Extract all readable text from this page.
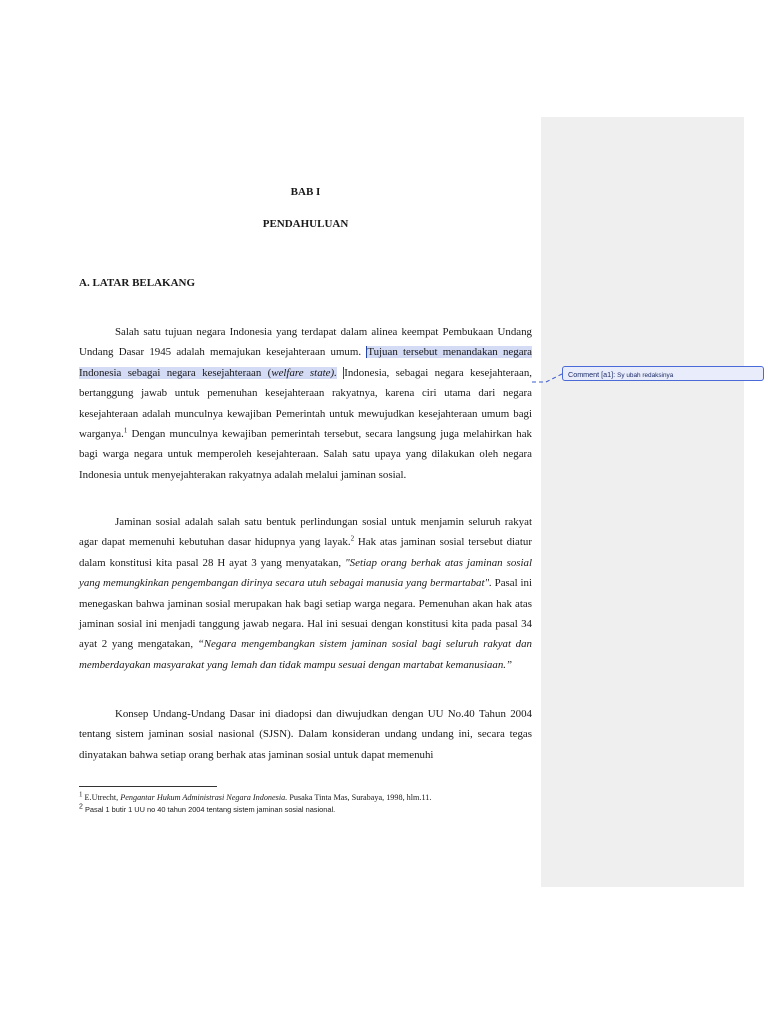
BAB I
PENDAHULUAN
A. LATAR BELAKANG

Salah satu tujuan negara Indonesia yang terdapat dalam alinea keempat Pembukaan Undang Undang Dasar 1945 adalah memajukan kesejahteraan umum. Tujuan tersebut menandakan negara Indonesia sebagai negara kesejahteraan (welfare state). Indonesia, sebagai negara kesejahteraan, bertanggung jawab untuk pemenuhan kesejahteraan rakyatnya, karena ciri utama dari negara kesejahteraan adalah munculnya kewajiban Pemerintah untuk mewujudkan kesejahteraan umum bagi warganya.$^1$ Dengan munculnya kewajiban pemerintah tersebut, secara langsung juga melahirkan hak bagi warga negara untuk memperoleh kesejahteraan. Salah satu upaya yang dilakukan oleh negara Indonesia untuk menyejahterakan rakyatnya adalah melalui jaminan sosial.

Jaminan sosial adalah salah satu bentuk perlindungan sosial untuk menjamin seluruh rakyat agar dapat memenuhi kebutuhan dasar hidupnya yang layak.$^2$ Hak atas jaminan sosial tersebut diatur dalam konstitusi kita pasal 28 H ayat 3 yang menyatakan, "Setiap orang berhak atas jaminan sosial yang memungkinkan pengembangan dirinya secara utuh sebagai manusia yang bermartabat". Pasal ini menegaskan bahwa jaminan sosial merupakan hak bagi setiap warga negara. Pemenuhan akan hak atas jaminan sosial ini menjadi tanggung jawab negara. Hal ini sesuai dengan konstitusi kita pada pasal 34 ayat 2 yang mengatakan, “Negara mengembangkan sistem jaminan sosial bagi seluruh rakyat dan memberdayakan masyarakat yang lemah dan tidak mampu sesuai dengan martabat kemanusiaan.”

Konsep Undang-Undang Dasar ini diadopsi dan diwujudkan dengan UU No.40 Tahun 2004 tentang sistem jaminan sosial nasional (SJSN). Dalam konsideran undang undang ini, secara tegas dinyatakan bahwa setiap orang berhak atas jaminan sosial untuk dapat memenuhi

Comment [a1]: Sy ubah redaksinya
$^1$ E.Utrecht, Pengantar Hukum Administrasi Negara Indonesia. Pusaka Tinta Mas, Surabaya, 1998, hlm.11.
$^2$ Pasal 1 butir 1 UU no 40 tahun 2004 tentang sistem jaminan sosial nasional.
